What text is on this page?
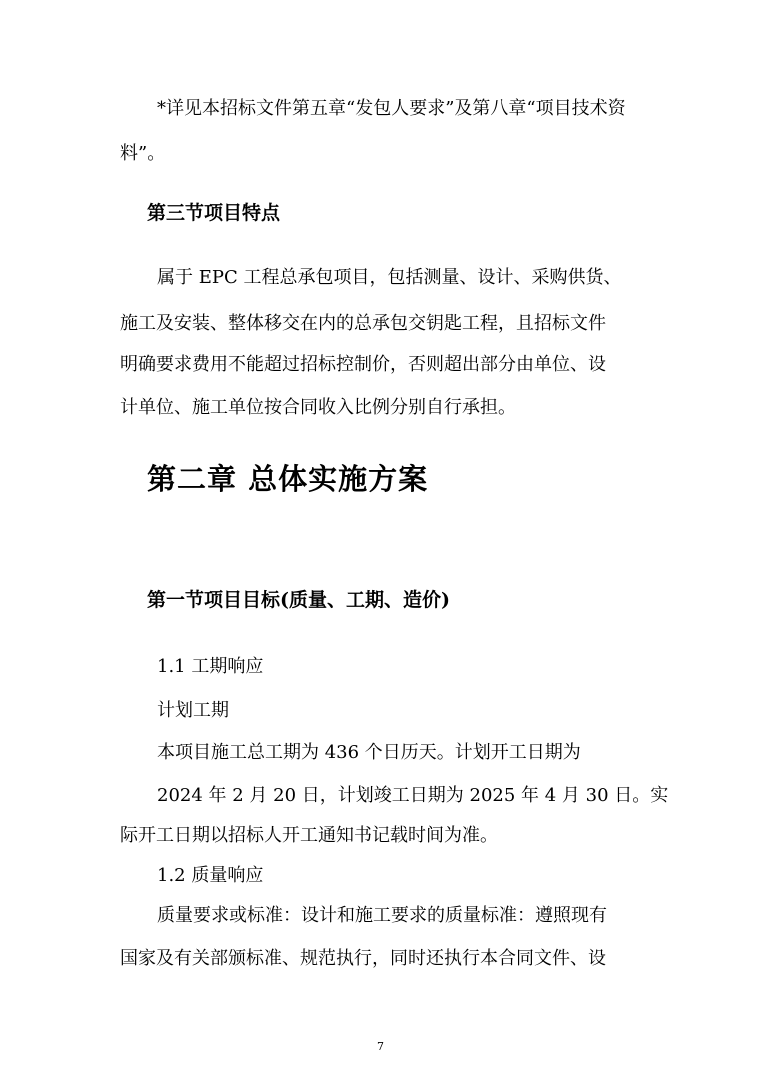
*详见本招标文件第五章“发包人要求”及第八章“项目技术资

料”。

第三节项目特点

属于 EPC 工程总承包项目，包括测量、设计、采购供货、

施工及安装、整体移交在内的总承包交钥匙工程，且招标文件

明确要求费用不能超过招标控制价，否则超出部分由单位、设

计单位、施工单位按合同收入比例分别自行承担。

第二章 总体实施方案

第一节项目目标(质量、工期、造价)

1.1 工期响应

计划工期

本项目施工总工期为 436 个日历天。计划开工日期为

2024 年 2 月 20 日，计划竣工日期为 2025 年 4 月 30 日。实

际开工日期以招标人开工通知书记载时间为准。

1.2 质量响应

质量要求或标准：设计和施工要求的质量标准：遵照现有

国家及有关部颁标准、规范执行，同时还执行本合同文件、设

7
